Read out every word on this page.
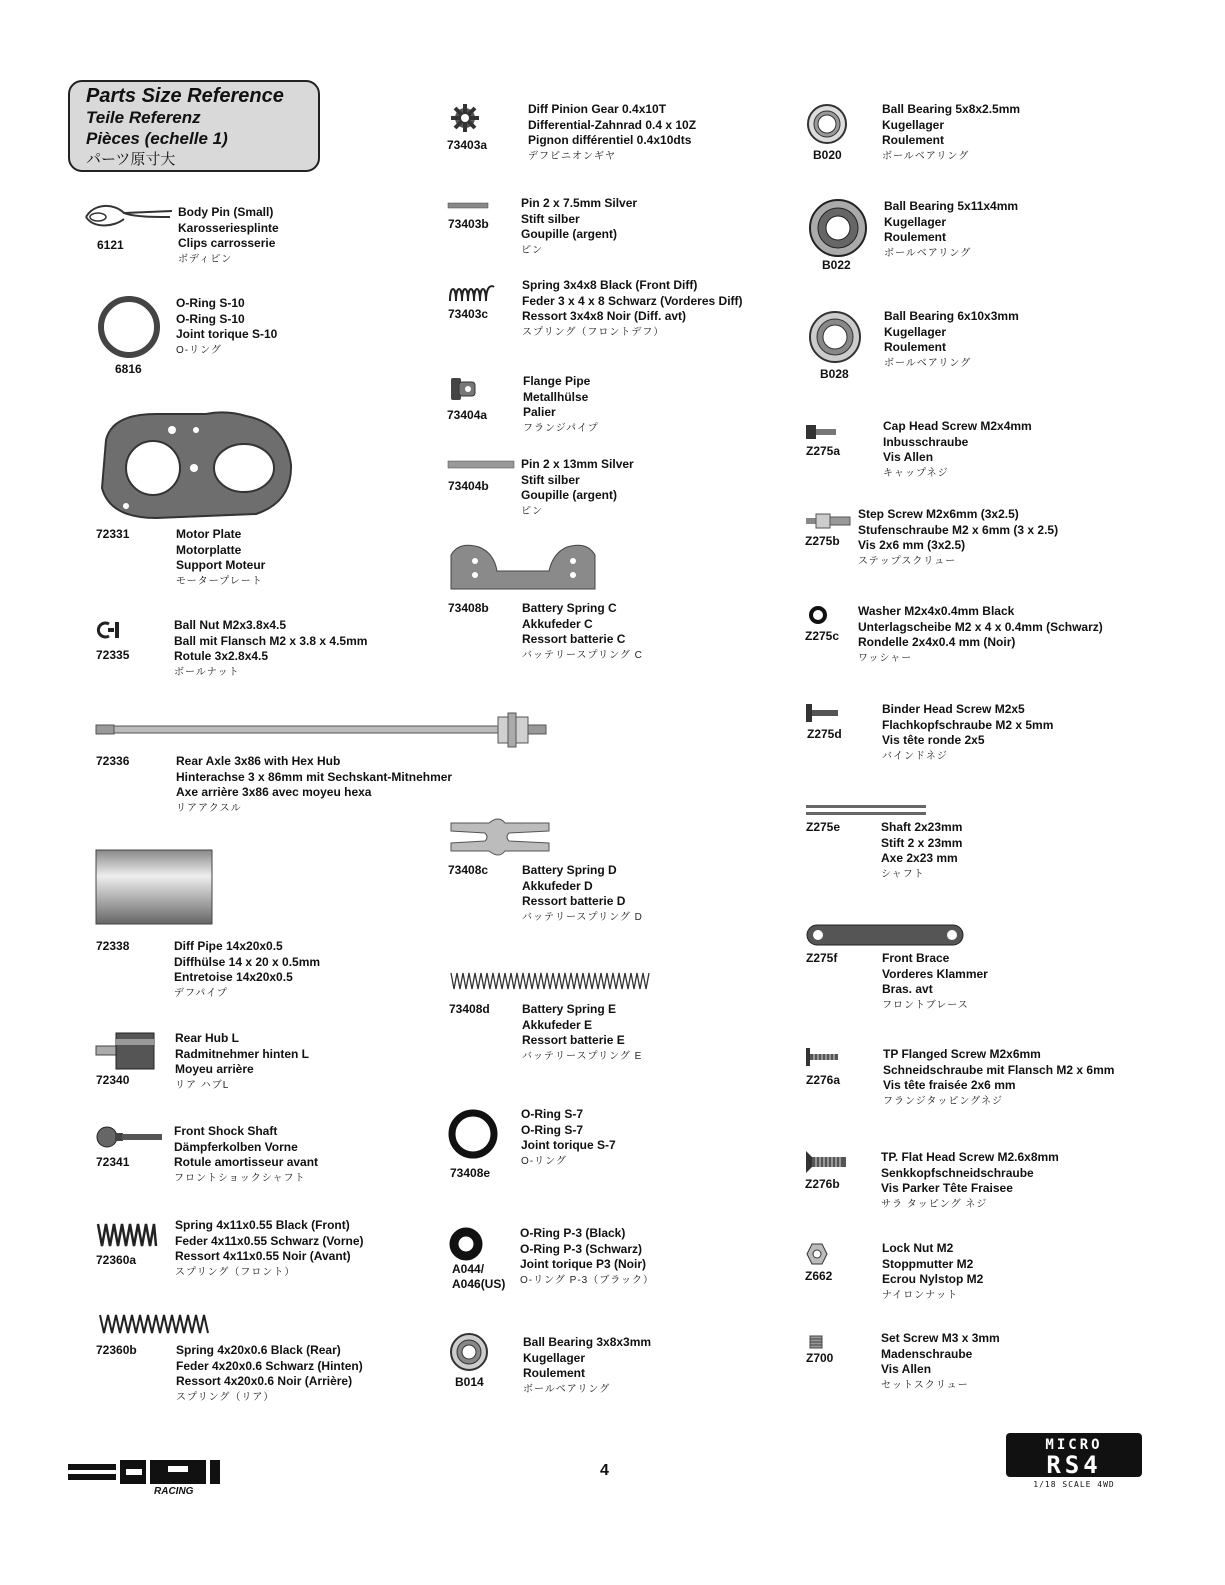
Parts Size Reference
Teile Referenz
Pièces (echelle 1)
パーツ原寸大
6121
Body Pin (Small)
Karosseriesplinte
Clips carrosserie
ボディピン
6816
O-Ring S-10
O-Ring S-10
Joint torique S-10
O-リング
72331	Motor Plate
Motorplatte
Support Moteur
モータープレート
72335
Ball Nut M2x3.8x4.5
Ball mit Flansch M2 x 3.8 x 4.5mm
Rotule 3x2.8x4.5
ボールナット
72336	Rear Axle 3x86 with Hex Hub
Hinterachse 3 x 86mm mit Sechskant-Mitnehmer
Axe arrière 3x86 avec moyeu hexa
リアアクスル
72338	Diff Pipe 14x20x0.5
Diffhülse 14 x 20 x 0.5mm
Entretoise 14x20x0.5
デフパイプ
72340
Rear Hub L
Radmitnehmer hinten L
Moyeu arrière
リア ハブL
72341
Front Shock Shaft
Dämpferkolben Vorne
Rotule amortisseur avant
フロントショックシャフト
72360a
Spring 4x11x0.55 Black (Front)
Feder 4x11x0.55 Schwarz (Vorne)
Ressort 4x11x0.55 Noir (Avant)
スプリング（フロント）
72360b	Spring 4x20x0.6 Black (Rear)
Feder 4x20x0.6 Schwarz (Hinten)
Ressort 4x20x0.6 Noir (Arrière)
スプリング（リア）
73403a
Diff Pinion Gear 0.4x10T
Differential-Zahnrad 0.4 x 10Z
Pignon différentiel 0.4x10dts
デフピニオンギヤ
73403b
Pin 2 x 7.5mm Silver
Stift silber
Goupille (argent)
ピン
73403c
Spring 3x4x8 Black (Front Diff)
Feder 3 x 4 x 8 Schwarz (Vorderes Diff)
Ressort 3x4x8 Noir (Diff. avt)
スプリング（フロントデフ）
73404a
Flange Pipe
Metallhülse
Palier
フランジパイプ
73404b
Pin 2 x 13mm Silver
Stift silber
Goupille (argent)
ピン
73408b	Battery Spring C
Akkufeder C
Ressort batterie C
バッテリースプリング C
73408c	Battery Spring D
Akkufeder D
Ressort batterie D
バッテリースプリング D
73408d	Battery Spring E
Akkufeder E
Ressort batterie E
バッテリースプリング E
73408e
O-Ring S-7
O-Ring S-7
Joint torique S-7
O-リング
A044/
A046(US)
O-Ring P-3 (Black)
O-Ring P-3 (Schwarz)
Joint torique P3 (Noir)
O-リング P-3（ブラック）
B014
Ball Bearing 3x8x3mm
Kugellager
Roulement
ボールベアリング
B020
Ball Bearing 5x8x2.5mm
Kugellager
Roulement
ボールベアリング
B022
Ball Bearing 5x11x4mm
Kugellager
Roulement
ボールベアリング
B028
Ball Bearing 6x10x3mm
Kugellager
Roulement
ボールベアリング
Z275a
Cap Head Screw M2x4mm
Inbusschraube
Vis Allen
キャップネジ
Z275b
Step Screw M2x6mm (3x2.5)
Stufenschraube M2 x 6mm (3 x 2.5)
Vis 2x6 mm (3x2.5)
ステップスクリュー
Z275c
Washer M2x4x0.4mm Black
Unterlagscheibe M2 x 4 x 0.4mm (Schwarz)
Rondelle 2x4x0.4 mm (Noir)
ワッシャー
Z275d
Binder Head Screw M2x5
Flachkopfschraube M2 x 5mm
Vis tête ronde 2x5
バインドネジ
Z275e	Shaft 2x23mm
Stift 2 x 23mm
Axe 2x23 mm
シャフト
Z275f	Front Brace
Vorderes Klammer
Bras. avt
フロントブレース
Z276a
TP Flanged Screw M2x6mm
Schneidschraube mit Flansch M2 x 6mm
Vis tête fraisée 2x6 mm
フランジタッピングネジ
Z276b
TP. Flat Head Screw M2.6x8mm
Senkkopfschneidschraube
Vis Parker Tête Fraisee
サラ タッピング ネジ
Z662
Lock Nut M2
Stoppmutter M2
Ecrou Nylstop M2
ナイロンナット
Z700
Set Screw M3 x 3mm
Madenschraube
Vis Allen
セットスクリュー
4
RACING
MICRO
RS4
1/18 SCALE 4WD
